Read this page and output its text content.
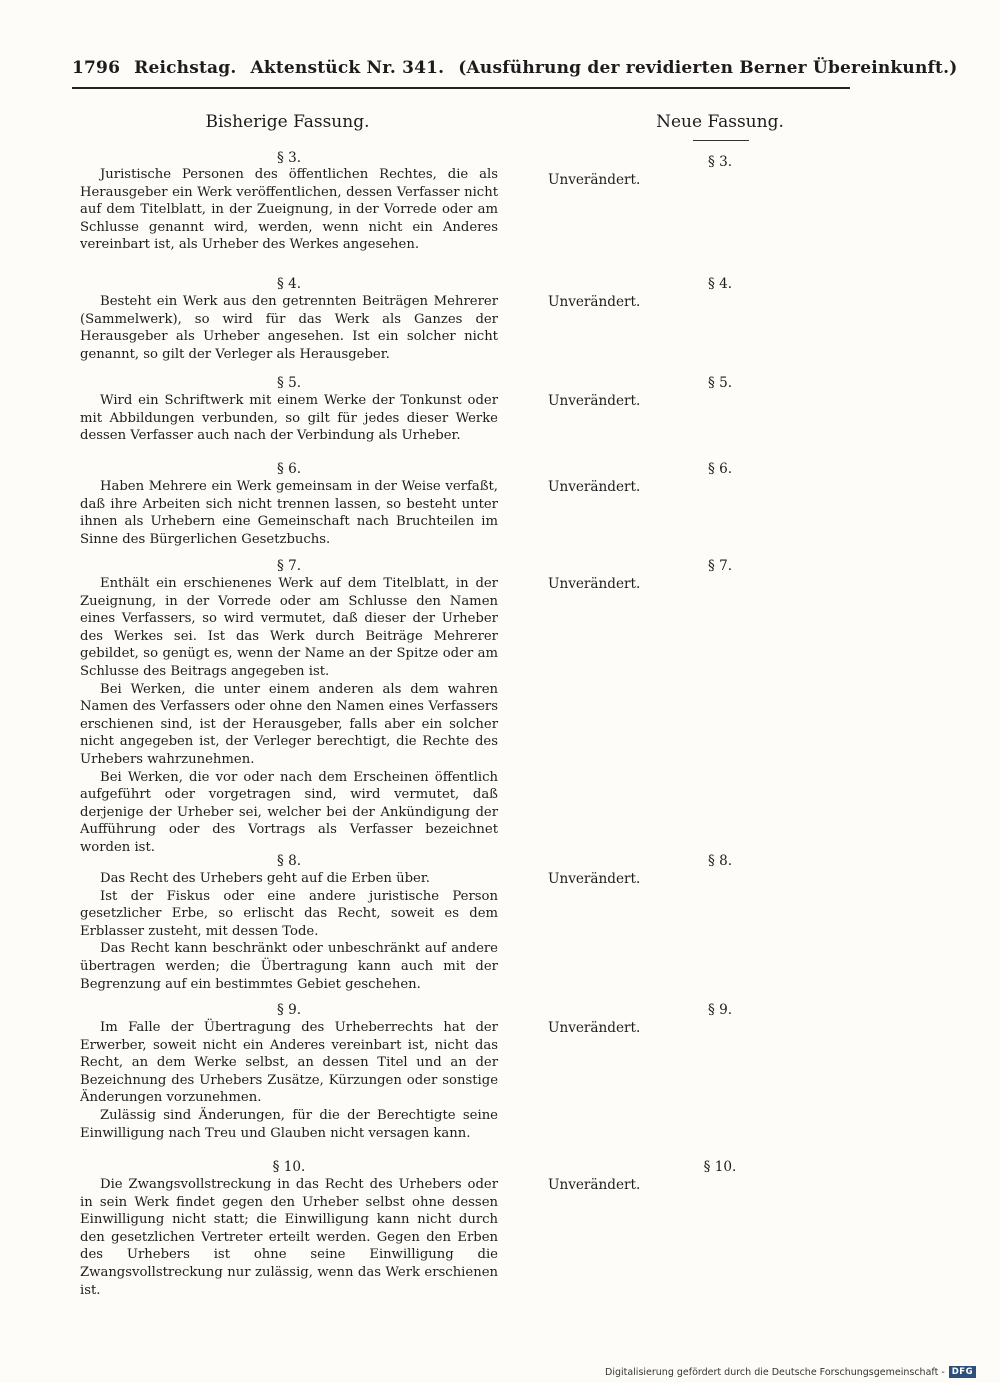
1796 Reichstag. Aktenstück Nr. 341. (Ausführung der revidierten Berner Übereinkunft.)
Bisherige Fassung.	Neue Fassung.
§ 3.

Juristische Personen des öffentlichen Rechtes, die als Herausgeber ein Werk veröffentlichen, dessen Verfasser nicht auf dem Titelblatt, in der Zueignung, in der Vorrede oder am Schlusse genannt wird, werden, wenn nicht ein Anderes vereinbart ist, als Urheber des Werkes angesehen.

§ 3.
Unverändert.
§ 4.

Besteht ein Werk aus den getrennten Beiträgen Mehrerer (Sammelwerk), so wird für das Werk als Ganzes der Herausgeber als Urheber angesehen. Ist ein solcher nicht genannt, so gilt der Verleger als Herausgeber.

§ 4.
Unverändert.
§ 5.

Wird ein Schriftwerk mit einem Werke der Tonkunst oder mit Abbildungen verbunden, so gilt für jedes dieser Werke dessen Verfasser auch nach der Verbindung als Urheber.

§ 5.
Unverändert.
§ 6.

Haben Mehrere ein Werk gemeinsam in der Weise verfaßt, daß ihre Arbeiten sich nicht trennen lassen, so besteht unter ihnen als Urhebern eine Gemeinschaft nach Bruchteilen im Sinne des Bürgerlichen Gesetzbuchs.

§ 6.
Unverändert.
§ 7.

Enthält ein erschienenes Werk auf dem Titelblatt, in der Zueignung, in der Vorrede oder am Schlusse den Namen eines Verfassers, so wird vermutet, daß dieser der Urheber des Werkes sei. Ist das Werk durch Beiträge Mehrerer gebildet, so genügt es, wenn der Name an der Spitze oder am Schlusse des Beitrags angegeben ist.

Bei Werken, die unter einem anderen als dem wahren Namen des Verfassers oder ohne den Namen eines Verfassers erschienen sind, ist der Herausgeber, falls aber ein solcher nicht angegeben ist, der Verleger berechtigt, die Rechte des Urhebers wahrzunehmen.

Bei Werken, die vor oder nach dem Erscheinen öffentlich aufgeführt oder vorgetragen sind, wird vermutet, daß derjenige der Urheber sei, welcher bei der Ankündigung der Aufführung oder des Vortrags als Verfasser bezeichnet worden ist.

§ 7.
Unverändert.
§ 8.

Das Recht des Urhebers geht auf die Erben über.

Ist der Fiskus oder eine andere juristische Person gesetzlicher Erbe, so erlischt das Recht, soweit es dem Erblasser zusteht, mit dessen Tode.

Das Recht kann beschränkt oder unbeschränkt auf andere übertragen werden; die Übertragung kann auch mit der Begrenzung auf ein bestimmtes Gebiet geschehen.

§ 8.
Unverändert.
§ 9.

Im Falle der Übertragung des Urheberrechts hat der Erwerber, soweit nicht ein Anderes vereinbart ist, nicht das Recht, an dem Werke selbst, an dessen Titel und an der Bezeichnung des Urhebers Zusätze, Kürzungen oder sonstige Änderungen vorzunehmen.

Zulässig sind Änderungen, für die der Berechtigte seine Einwilligung nach Treu und Glauben nicht versagen kann.

§ 9.
Unverändert.
§ 10.

Die Zwangsvollstreckung in das Recht des Urhebers oder in sein Werk findet gegen den Urheber selbst ohne dessen Einwilligung nicht statt; die Einwilligung kann nicht durch den gesetzlichen Vertreter erteilt werden. Gegen den Erben des Urhebers ist ohne seine Einwilligung die Zwangsvollstreckung nur zulässig, wenn das Werk erschienen ist.

§ 10.
Unverändert.
Digitalisierung gefördert durch die Deutsche Forschungsgemeinschaft - DFG
